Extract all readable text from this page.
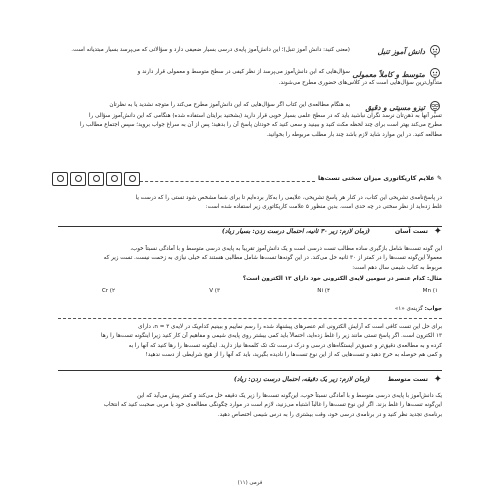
دانش آموز تنبل
(معنی کنید: دانش آموز تنبل)؛ این دانش‌آموز پایه‌ی درسی بسیار ضعیفی دارد و سؤالاتی که می‌پرسد بسیار مبتدیانه است.
متوسط و کاملاً معمولی
سؤال‌هایی که این دانش‌آموز می‌پرسد از نظر کیفی در سطح متوسط و معمولی قرار دارند و
متداول‌ترین سؤال‌هایی است که در کلاس‌های حضوری مطرح می‌شوند.
تیزو مسیتی و دقیق
به هنگام مطالعه‌ی این کتاب اگر سؤال‌هایی که این دانش‌آموز مطرح می‌کند را متوجه نشدید یا به نظرتان
تسیر آنها به ذهن‌تان نرسد نگران نباشید باید که در سطح علمی بسیار خوبی قرار دارید (بشخنید برایتان استفاده شده) هنگامی که این دانش‌آموز سؤالی را
مطرح می‌کند بهتر است برای چند لحظه مکث کنید و ببینید و سعی کنید که خودتان پاسخ آن را بدهید؛ پس از آن به سراغ جواب بروید؛ سپس اجتماع مطالب را
مطالعه کنید. در این موارد شاید لازم باشد چند بار مطلب مربوطه را بخوانید.
✎ علایم کاریکاتوری میزان سختی تست‌ها
در پاسخ‌نامه‌ی تشریحی این کتاب، در کنار هر پاسخ تشریحی، علایمی را به‌کار برده‌ایم تا برای شما مشخص شود تستی را که درست یا
غلط زده‌اید از نظر سختی در چه حدی است. بدین منظور ۵ علامت کاریکاتوری زیر استفاده شده است:
✦
تست آسان
(زمان لازم: زیر ۳۰ ثانیه، احتمال درست زدن: بسیار زیاد)
این گونه تست‌ها شامل بازگیری ساده مطالب تست درسی است و یک دانش‌آموز تقریباً به پایه‌ی درسی متوسط و با آمادگی نسبتاً خوب،
معمولاً این‌گونه تست‌ها را در کمتر از ۳۰ ثانیه حل می‌کند. در این گونه‌ها تست‌ها شامل مطالبی هستند که خیلی نیازی به زحمت نیست. تست زیر که
مربوط به کتاب شیمی سال دهم است:
مثال: کدام عنصر در سومین لایه‌ی الکترونی خود دارای ۱۳ الکترون است؟
Mn (۱
Ni (۴
V (۳
Cr (۲
جواب: گزینه‌ی «۱»
برای حل این تست کافی است که آرایش الکترونی اتم عنصرهای پیشنهاد شده را رسم نماییم و ببینیم کدام‌یک در لایه‌ی n = ۳، دارای
۱۳ الکترون است. اگر پاسخ تستی مانند زیر را غلط زده‌اید، احتمالاً باید کمی بیشتر روی پایه‌ی شیمی و مفاهیم آن کار کنید زیرا اینگونه تست‌ها را رها
کرده و به مطالعه‌ی دقیق‌تر و عمیق‌تر ایستگاه‌های درسی و درک درست تک تک کلمه‌ها نیاز دارید. اینگونه تست‌ها را رها کنید که آنها را به
و کمی هم حوصله به خرج دهید و تست‌هایی که از این نوع تست‌ها را نادیده بگیرید، باید که آنها را از هیچ شرایطی از دست ندهید!
✦
تست متوسط
(زمان لازم: زیر یک دقیقه، احتمال درست زدن: زیاد)
یک دانش‌آموز با پایه‌ی درسی متوسط و با آمادگی نسبتاً خوب، این‌گونه تست‌ها را زیر یک دقیقه حل می‌کند و کمتر پیش می‌آید که این
این‌گونه تست‌ها را غلط بزند. اگر این نوع تست‌ها را غالباً اشتباه می‌زنید، لازم است در موارد چگونگی مطالعه‌ی خود با مربی صحبت کنید که انتخاب
برنامه‌ی تجدید نظر کنید و در برنامه‌ی درسی خود، وقت بیشتری را به درس شیمی اختصاص دهید.
فرمی (۱۱)
